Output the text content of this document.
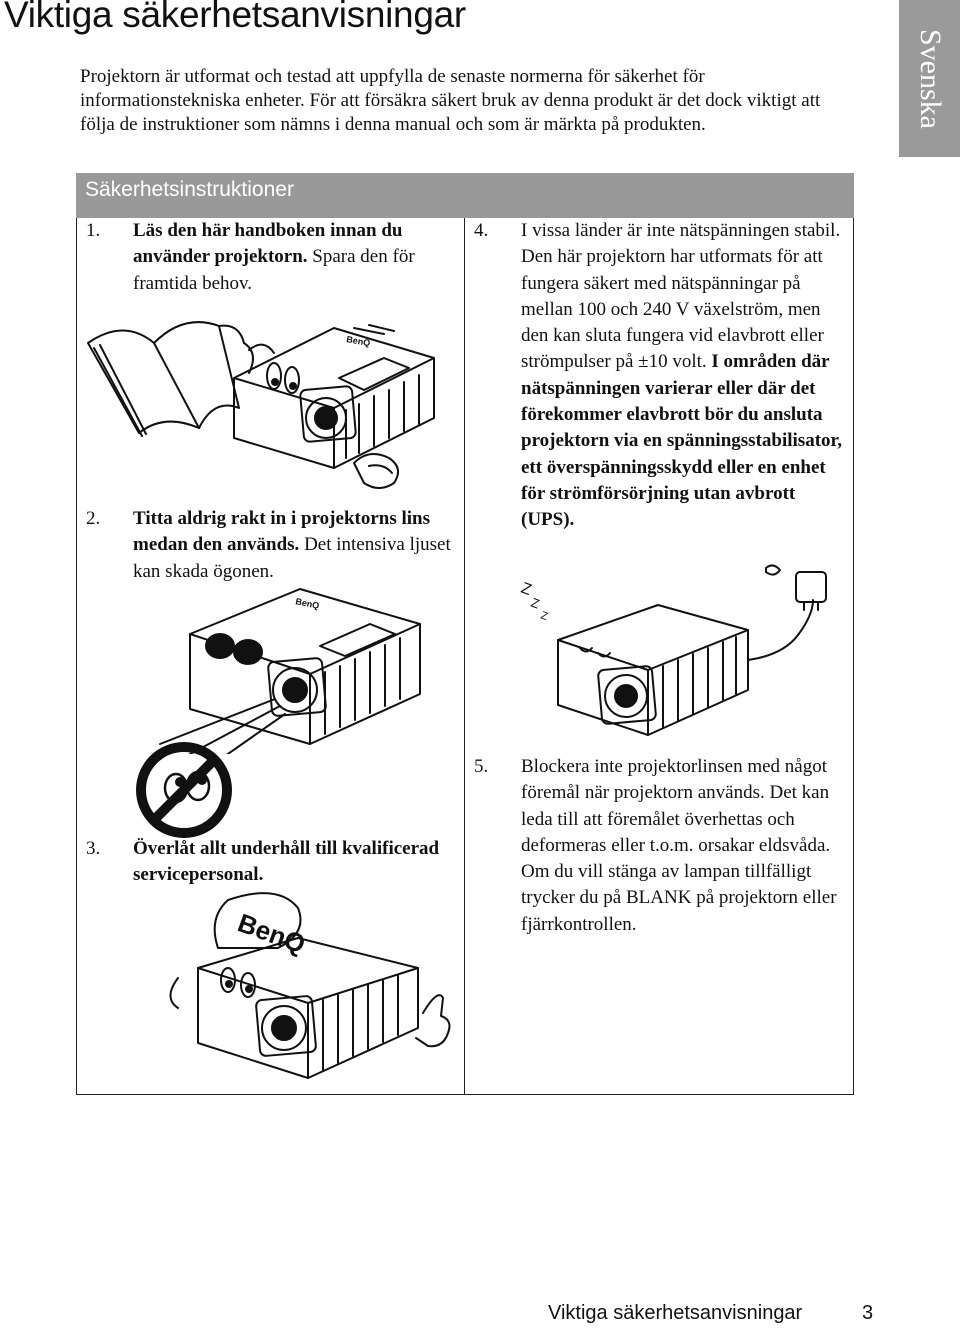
Viktiga säkerhetsanvisningar
Svenska

Projektorn är utformat och testad att uppfylla de senaste normerna för säkerhet för informationstekniska enheter. För att försäkra säkert bruk av denna produkt är det dock viktigt att följa de instruktioner som nämns i denna manual och som är märkta på produkten.

Säkerhetsinstruktioner
1. Läs den här handboken innan du använder projektorn. Spara den för framtida behov.
2. Titta aldrig rakt in i projektorns lins medan den används. Det intensiva ljuset kan skada ögonen.
3. Överlåt allt underhåll till kvalificerad servicepersonal.
4. I vissa länder är inte nätspänningen stabil. Den här projektorn har utformats för att fungera säkert med nätspänningar på mellan 100 och 240 V växelström, men den kan sluta fungera vid elavbrott eller strömpulser på ±10 volt. I områden där nätspänningen varierar eller där det förekommer elavbrott bör du ansluta projektorn via en spänningsstabilisator, ett överspänningsskydd eller en enhet för strömförsörjning utan avbrott (UPS).
5. Blockera inte projektorlinsen med något föremål när projektorn används. Det kan leda till att föremålet överhettas och deformeras eller t.o.m. orsakar eldsvåda. Om du vill stänga av lampan tillfälligt trycker du på BLANK på projektorn eller fjärrkontrollen.
BenQ
BenQ
BenQ
Z
Z
Z
Viktiga säkerhetsanvisningar	3
